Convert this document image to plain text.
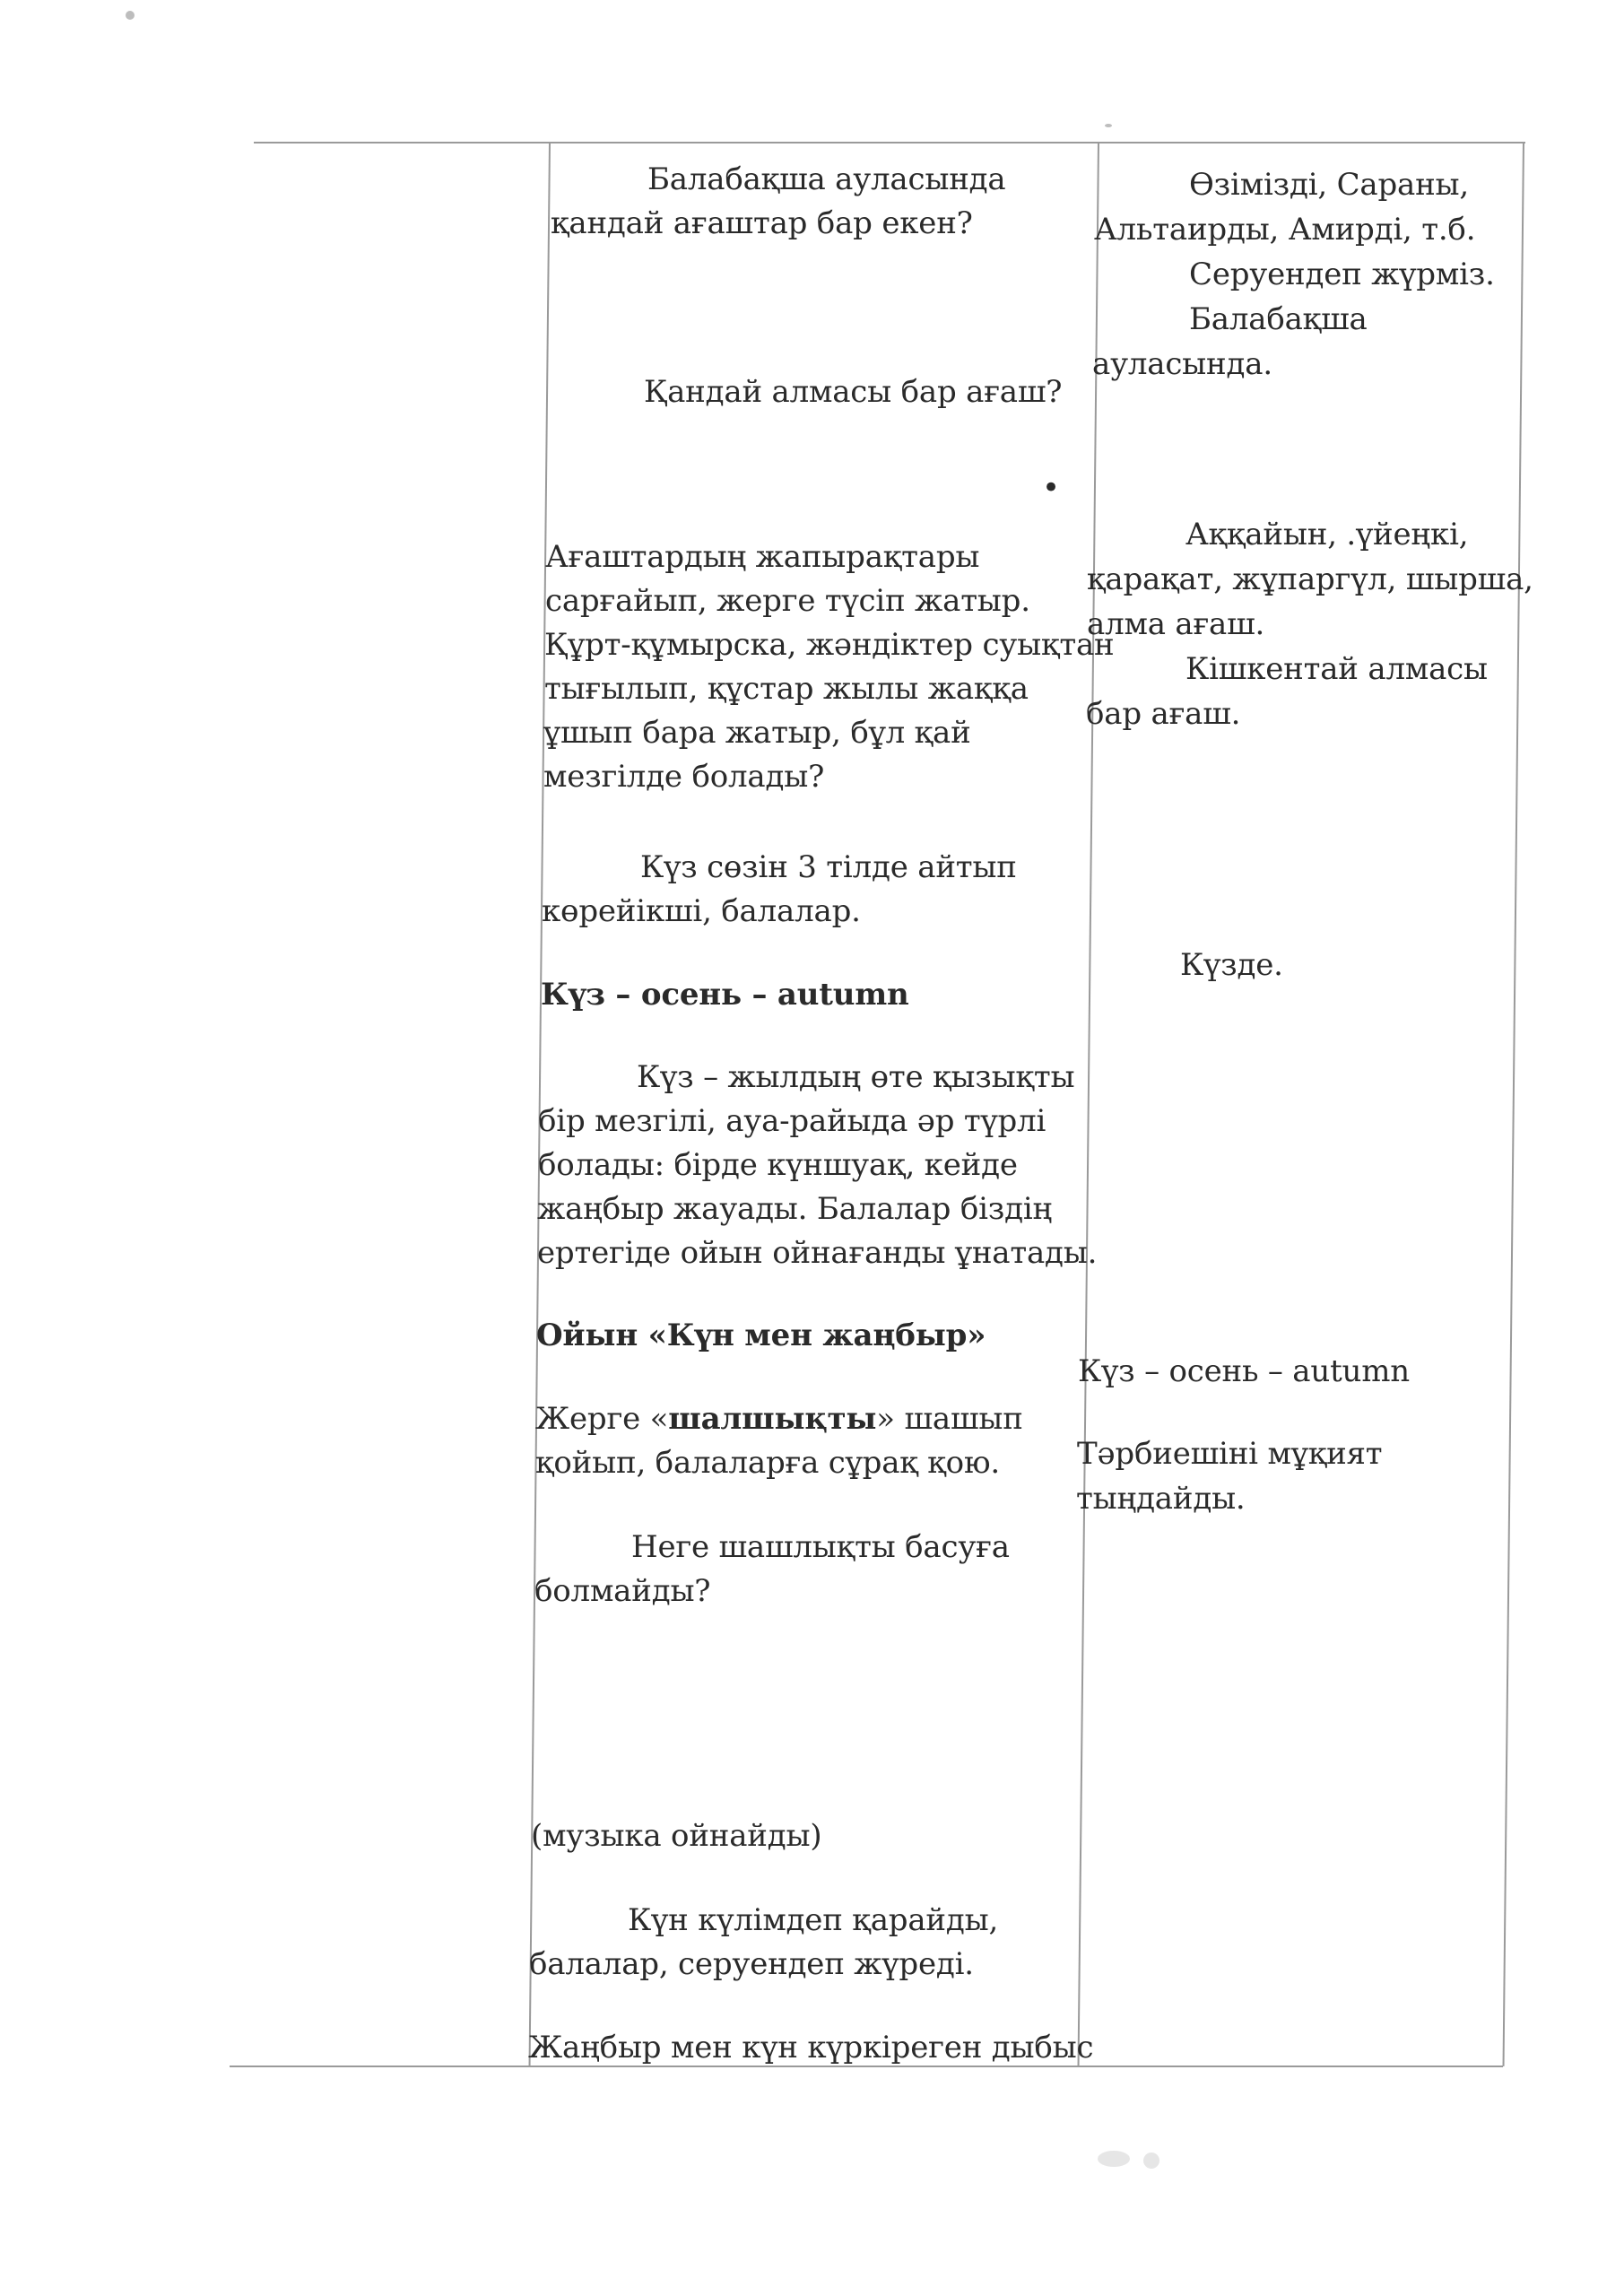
Балабақша ауласында

қандай ағаштар бар екен?

Қандай алмасы бар ағаш?

•

Ағаштардың жапырақтары

сарғайып, жерге түсіп жатыр.

Құрт-құмырска, жәндіктер суықтан

тығылып, құстар жылы жаққа

ұшып бара жатыр, бұл қай

мезгілде болады?

Күз сөзін 3 тілде айтып

көрейікші, балалар.

Күз – осень – autumn

Күз – жылдың өте қызықты

бір мезгілі, ауа-райыда әр түрлі

болады: бірде күншуақ, кейде

жаңбыр жауады. Балалар біздің

ертегіде ойын ойнағанды ұнатады.

Ойын «Күн мен жаңбыр»

Жерге «шалшықты» шашып

қойып, балаларға сұрақ қою.

Неге шашлықты басуға

болмайды?

(музыка ойнайды)

Күн күлімдеп қарайды,

балалар, серуендеп жүреді.

Жаңбыр мен күн күркіреген дыбыс

Өзімізді, Сараны,

Альтаирды, Амирді, т.б.

Серуендеп жүрміз.

Балабақша

ауласында.

Аққайын, .үйеңкі,

қарақат, жұпаргүл, шырша,

алма ағаш.

Кішкентай алмасы

бар ағаш.

Күзде.

Күз – осень – autumn

Тәрбиешіні мұқият

тыңдайды.
